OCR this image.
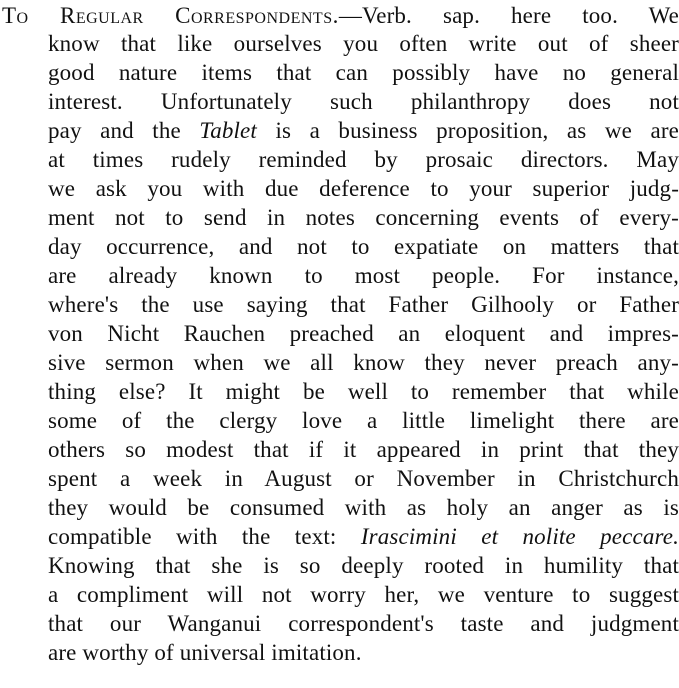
To Regular Correspondents.—Verb. sap. here too. We
know that like ourselves you often write out of sheer
good nature items that can possibly have no general
interest. Unfortunately such philanthropy does not
pay and the Tablet is a business proposition, as we are
at times rudely reminded by prosaic directors. May
we ask you with due deference to your superior judg-
ment not to send in notes concerning events of every-
day occurrence, and not to expatiate on matters that
are already known to most people. For instance,
where's the use saying that Father Gilhooly or Father
von Nicht Rauchen preached an eloquent and impres-
sive sermon when we all know they never preach any-
thing else? It might be well to remember that while
some of the clergy love a little limelight there are
others so modest that if it appeared in print that they
spent a week in August or November in Christchurch
they would be consumed with as holy an anger as is
compatible with the text: Irascimini et nolite peccare.
Knowing that she is so deeply rooted in humility that
a compliment will not worry her, we venture to suggest
that our Wanganui correspondent's taste and judgment
are worthy of universal imitation.
